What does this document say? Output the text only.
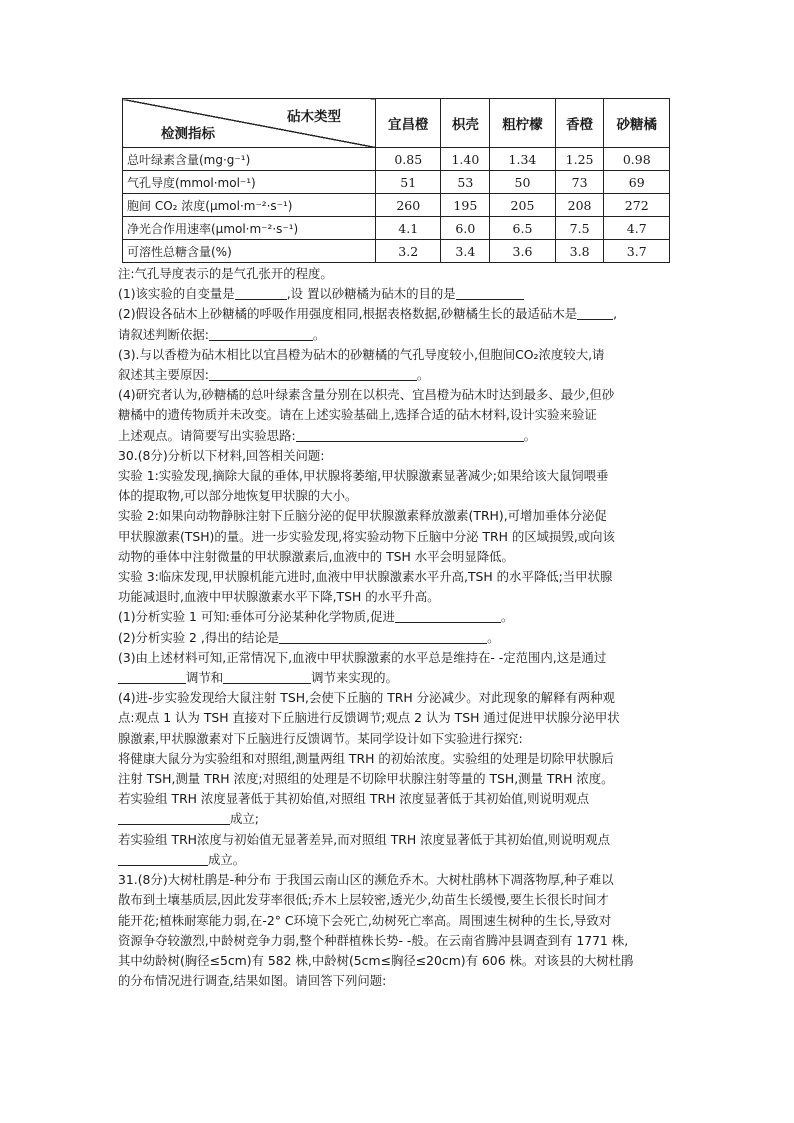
砧木类型
检测指标	宜昌橙	枳壳	粗柠檬	香橙	砂糖橘
总叶绿素含量(mg·g⁻¹)	0.85	1.40	1.34	1.25	0.98
气孔导度(mmol·mol⁻¹)	51	53	50	73	69
胞间 CO₂ 浓度(μmol·m⁻²·s⁻¹)	260	195	205	208	272
净光合作用速率(μmol·m⁻²·s⁻¹)	4.1	6.0	6.5	7.5	4.7
可溶性总糖含量(%)	3.2	3.4	3.6	3.8	3.7

注:气孔导度表示的是气孔张开的程度。

(1)该实验的自变量是	,设 置以砂糖橘为砧木的目的是

(2)假设各砧木上砂糖橘的呼吸作用强度相同,根据表格数据,砂糖橘生长的最适砧木是	,

请叙述判断依据:	。

(3).与以香橙为砧木相比以宜昌橙为砧木的砂糖橘的气孔导度较小,但胞间CO₂浓度较大,请

叙述其主要原因:	。

(4)研究者认为,砂糖橘的总叶绿素含量分别在以枳壳、宜昌橙为砧木时达到最多、最少,但砂

糖橘中的遗传物质并未改变。请在上述实验基础上,选择合适的砧木材料,设计实验来验证

上述观点。请简要写出实验思路:	。

30.(8分)分析以下材料,回答相关问题:

实验 1:实验发现,摘除大鼠的垂体,甲状腺将萎缩,甲状腺激素显著减少;如果给该大鼠饲喂垂

体的提取物,可以部分地恢复甲状腺的大小。

实验 2:如果向动物静脉注射下丘脑分泌的促甲状腺激素释放激素(TRH),可增加垂体分泌促

甲状腺激素(TSH)的量。进一步实验发现,将实验动物下丘脑中分泌 TRH 的区域损毁,或向该

动物的垂体中注射微量的甲状腺激素后,血液中的 TSH 水平会明显降低。

实验 3:临床发现,甲状腺机能亢进时,血液中甲状腺激素水平升高,TSH 的水平降低;当甲状腺

功能减退时,血液中甲状腺激素水平下降,TSH 的水平升高。

(1)分析实验 1 可知:垂体可分泌某种化学物质,促进	。

(2)分析实验 2 ,得出的结论是	。

(3)由上述材料可知,正常情况下,血液中甲状腺激素的水平总是维持在- -定范围内,这是通过

调节和	调节来实现的。

(4)进-步实验发现给大鼠注射 TSH,会使下丘脑的 TRH 分泌减少。对此现象的解释有两种观

点:观点 1 认为 TSH 直接对下丘脑进行反馈调节;观点 2 认为 TSH 通过促进甲状腺分泌甲状

腺激素,甲状腺激素对下丘脑进行反馈调节。某同学设计如下实验进行探究:

将健康大鼠分为实验组和对照组,测量两组 TRH 的初始浓度。实验组的处理是切除甲状腺后

注射 TSH,测量 TRH 浓度;对照组的处理是不切除甲状腺注射等量的 TSH,测量 TRH 浓度。

若实验组 TRH 浓度显著低于其初始值,对照组 TRH 浓度显著低于其初始值,则说明观点

成立;

若实验组 TRH浓度与初始值无显著差异,而对照组 TRH 浓度显著低于其初始值,则说明观点

成立。

31.(8分)大树杜鹃是-种分布 于我国云南山区的濒危乔木。大树杜鹃林下凋落物厚,种子难以

散布到土壤基质层,因此发芽率很低;乔木上层较密,透光少,幼苗生长缓慢,要生长很长时间才

能开花;植株耐寒能力弱,在-2° C环境下会死亡,幼树死亡率高。周围速生树种的生长,导致对

资源争夺较激烈,中龄树竞争力弱,整个种群植株长势- -般。在云南省腾冲县调查到有 1771 株,

其中幼龄树(胸径≤5cm)有 582 株,中龄树(5cm≤胸径≤20cm)有 606 株。对该县的大树杜鹃

的分布情况进行调查,结果如图。请回答下列问题:
